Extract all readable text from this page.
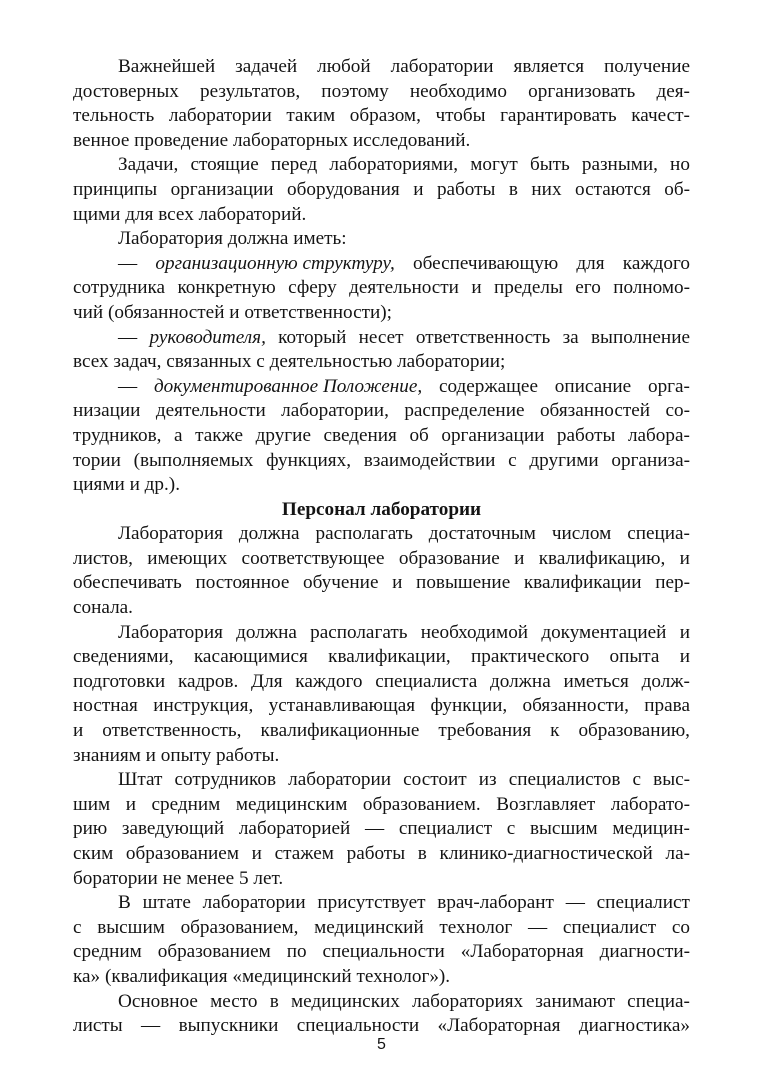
Важнейшей задачей любой лаборатории является получение
достоверных результатов, поэтому необходимо организовать дея-
тельность лаборатории таким образом, чтобы гарантировать качест-
венное проведение лабораторных исследований.
Задачи, стоящие перед лабораториями, могут быть разными, но
принципы организации оборудования и работы в них остаются об-
щими для всех лабораторий.
Лаборатория должна иметь:
— организационную структуру, обеспечивающую для каждого
сотрудника конкретную сферу деятельности и пределы его полномо-
чий (обязанностей и ответственности);
— руководителя, который несет ответственность за выполнение
всех задач, связанных с деятельностью лаборатории;
— документированное Положение, содержащее описание орга-
низации деятельности лаборатории, распределение обязанностей со-
трудников, а также другие сведения об организации работы лабора-
тории (выполняемых функциях, взаимодействии с другими организа-
циями и др.).
Персонал лаборатории
Лаборатория должна располагать достаточным числом специа-
листов, имеющих соответствующее образование и квалификацию, и
обеспечивать постоянное обучение и повышение квалификации пер-
сонала.
Лаборатория должна располагать необходимой документацией и
сведениями, касающимися квалификации, практического опыта и
подготовки кадров. Для каждого специалиста должна иметься долж-
ностная инструкция, устанавливающая функции, обязанности, права
и ответственность, квалификационные требования к образованию,
знаниям и опыту работы.
Штат сотрудников лаборатории состоит из специалистов с выс-
шим и средним медицинским образованием. Возглавляет лаборато-
рию заведующий лабораторией — специалист с высшим медицин-
ским образованием и стажем работы в клинико-диагностической ла-
боратории не менее 5 лет.
В штате лаборатории присутствует врач-лаборант — специалист
с высшим образованием, медицинский технолог — специалист со
средним образованием по специальности «Лабораторная диагности-
ка» (квалификация «медицинский технолог»).
Основное место в медицинских лабораториях занимают специа-
листы — выпускники специальности «Лабораторная диагностика»
5
